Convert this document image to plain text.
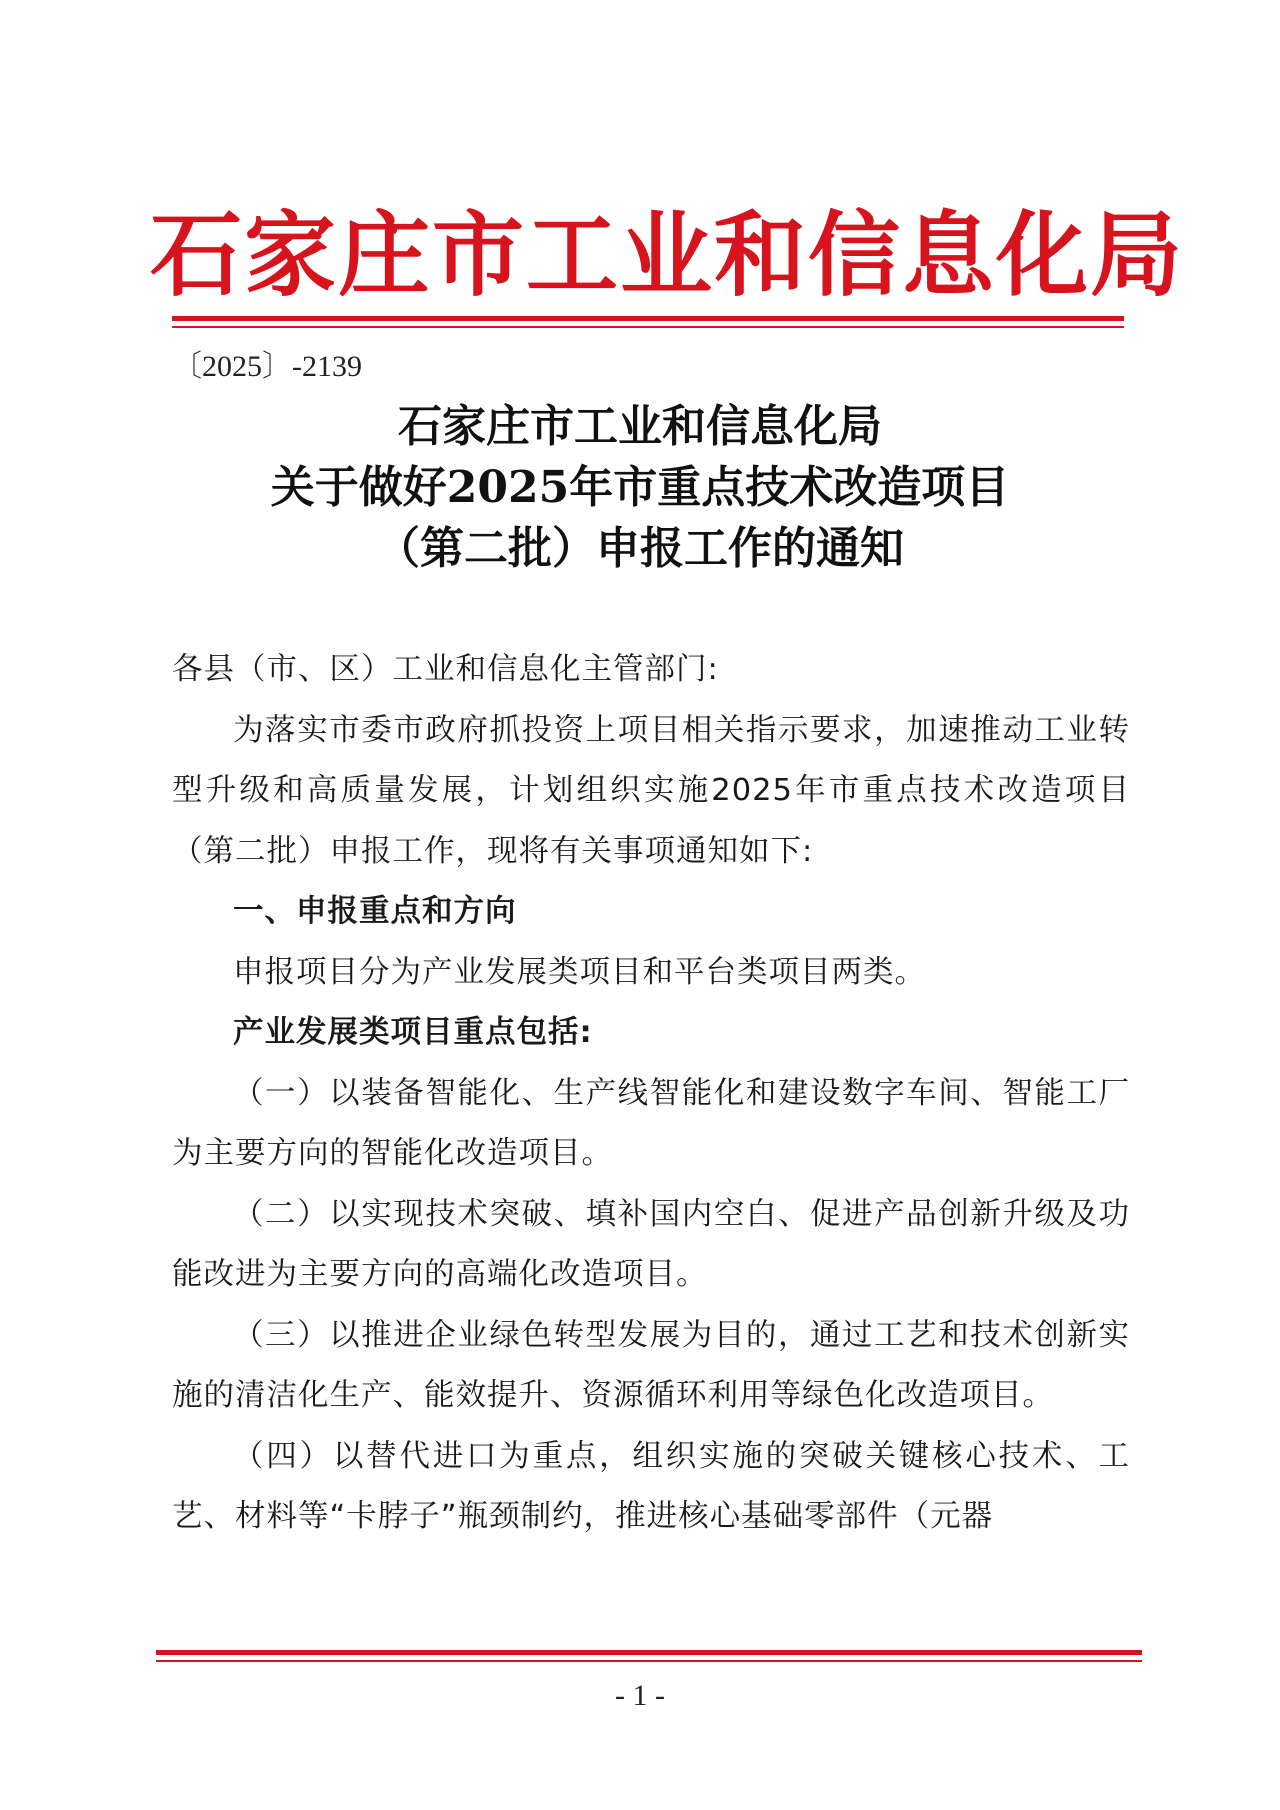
石家庄市工业和信息化局
〔2025〕-2139
石家庄市工业和信息化局
关于做好2025年市重点技术改造项目
（第二批）申报工作的通知

各县（市、区）工业和信息化主管部门:

为落实市委市政府抓投资上项目相关指示要求，加速推动工业转型升级和高质量发展，计划组织实施2025年市重点技术改造项目（第二批）申报工作，现将有关事项通知如下:

一、申报重点和方向

申报项目分为产业发展类项目和平台类项目两类。

产业发展类项目重点包括:

（一）以装备智能化、生产线智能化和建设数字车间、智能工厂为主要方向的智能化改造项目。

（二）以实现技术突破、填补国内空白、促进产品创新升级及功能改进为主要方向的高端化改造项目。

（三）以推进企业绿色转型发展为目的，通过工艺和技术创新实施的清洁化生产、能效提升、资源循环利用等绿色化改造项目。

（四）以替代进口为重点，组织实施的突破关键核心技术、工艺、材料等“卡脖子”瓶颈制约，推进核心基础零部件（元器

- 1 -
